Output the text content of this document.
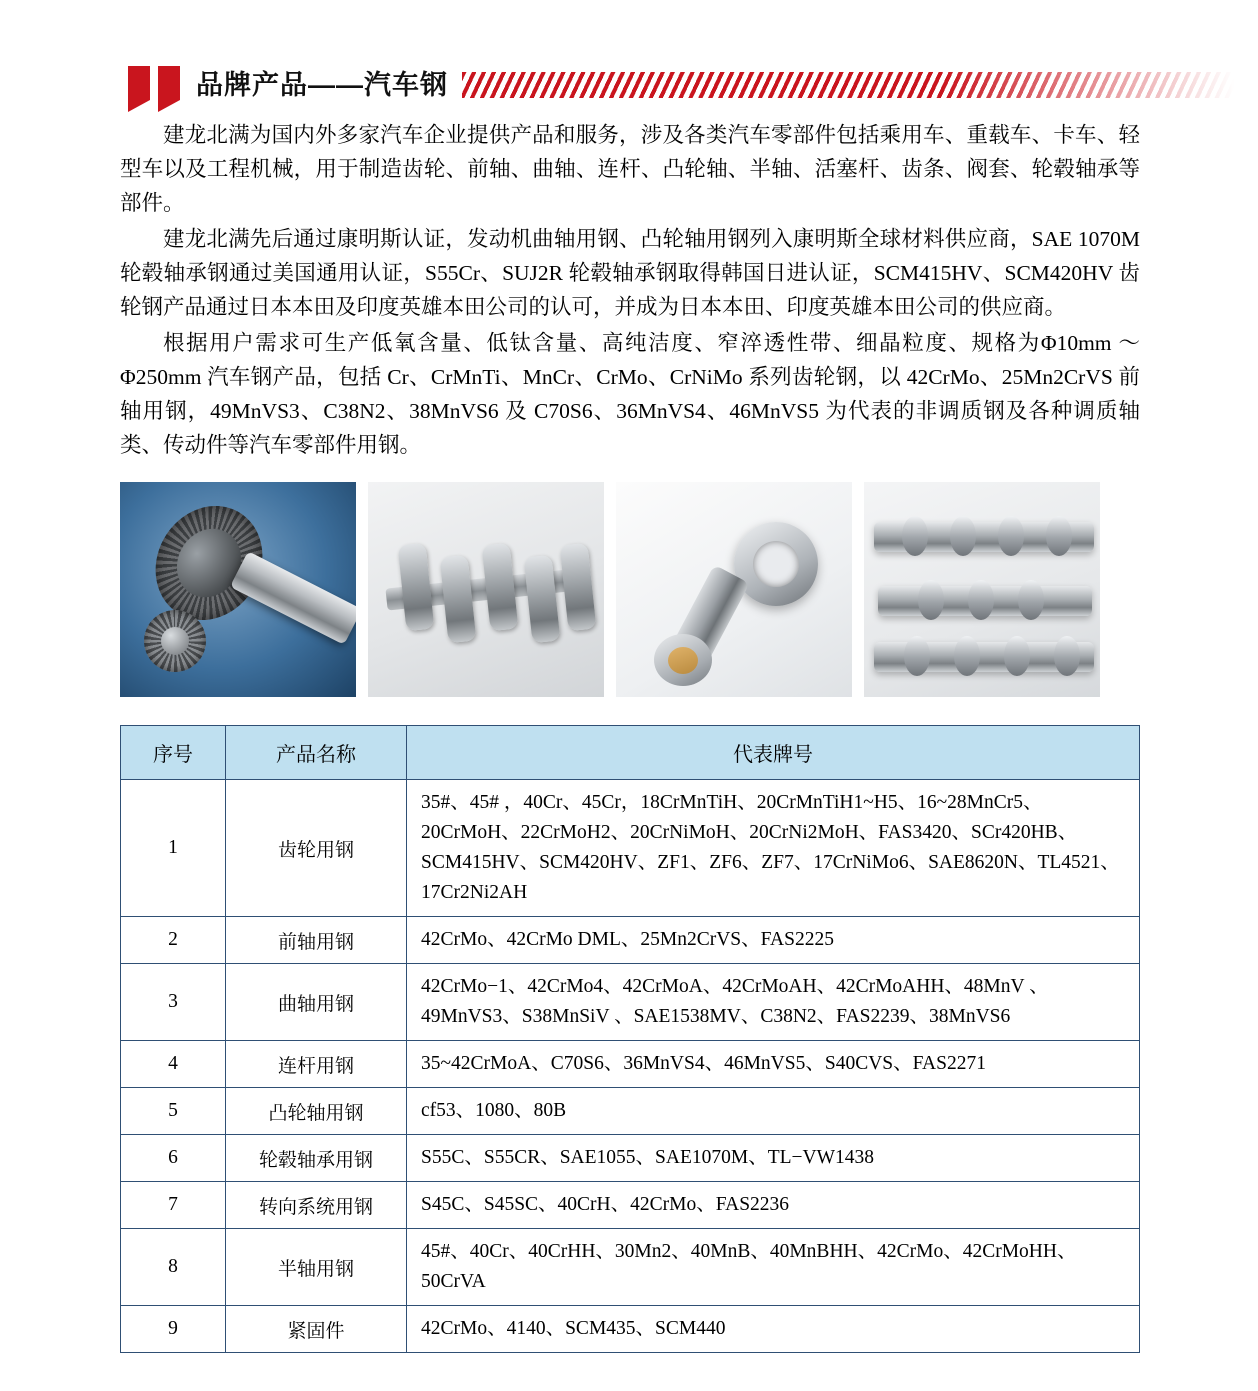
品牌产品——汽车钢

建龙北满为国内外多家汽车企业提供产品和服务，涉及各类汽车零部件包括乘用车、重载车、卡车、轻型车以及工程机械，用于制造齿轮、前轴、曲轴、连杆、凸轮轴、半轴、活塞杆、齿条、阀套、轮毂轴承等部件。

建龙北满先后通过康明斯认证，发动机曲轴用钢、凸轮轴用钢列入康明斯全球材料供应商，SAE 1070M 轮毂轴承钢通过美国通用认证，S55Cr、SUJ2R 轮毂轴承钢取得韩国日进认证，SCM415HV、SCM420HV 齿轮钢产品通过日本本田及印度英雄本田公司的认可，并成为日本本田、印度英雄本田公司的供应商。

根据用户需求可生产低氧含量、低钛含量、高纯洁度、窄淬透性带、细晶粒度、规格为Φ10mm ～ Φ250mm 汽车钢产品，包括 Cr、CrMnTi、MnCr、CrMo、CrNiMo 系列齿轮钢，以 42CrMo、25Mn2CrVS 前轴用钢，49MnVS3、C38N2、38MnVS6 及 C70S6、36MnVS4、46MnVS5 为代表的非调质钢及各种调质轴类、传动件等汽车零部件用钢。

序号	产品名称	代表牌号
1	齿轮用钢	35#、45# ，40Cr、45Cr，18CrMnTiH、20CrMnTiH1~H5、16~28MnCr5、20CrMoH、22CrMoH2、20CrNiMoH、20CrNi2MoH、FAS3420、SCr420HB、SCM415HV、SCM420HV、ZF1、ZF6、ZF7、17CrNiMo6、SAE8620N、TL4521、17Cr2Ni2AH
2	前轴用钢	42CrMo、42CrMo DML、25Mn2CrVS、FAS2225
3	曲轴用钢	42CrMo−1、42CrMo4、42CrMoA、42CrMoAH、42CrMoAHH、48MnV 、49MnVS3、S38MnSiV 、SAE1538MV、C38N2、FAS2239、38MnVS6
4	连杆用钢	35~42CrMoA、C70S6、36MnVS4、46MnVS5、S40CVS、FAS2271
5	凸轮轴用钢	cf53、1080、80B
6	轮毂轴承用钢	S55C、S55CR、SAE1055、SAE1070M、TL−VW1438
7	转向系统用钢	S45C、S45SC、40CrH、42CrMo、FAS2236
8	半轴用钢	45#、40Cr、40CrHH、30Mn2、40MnB、40MnBHH、42CrMo、42CrMoHH、50CrVA
9	紧固件	42CrMo、4140、SCM435、SCM440
